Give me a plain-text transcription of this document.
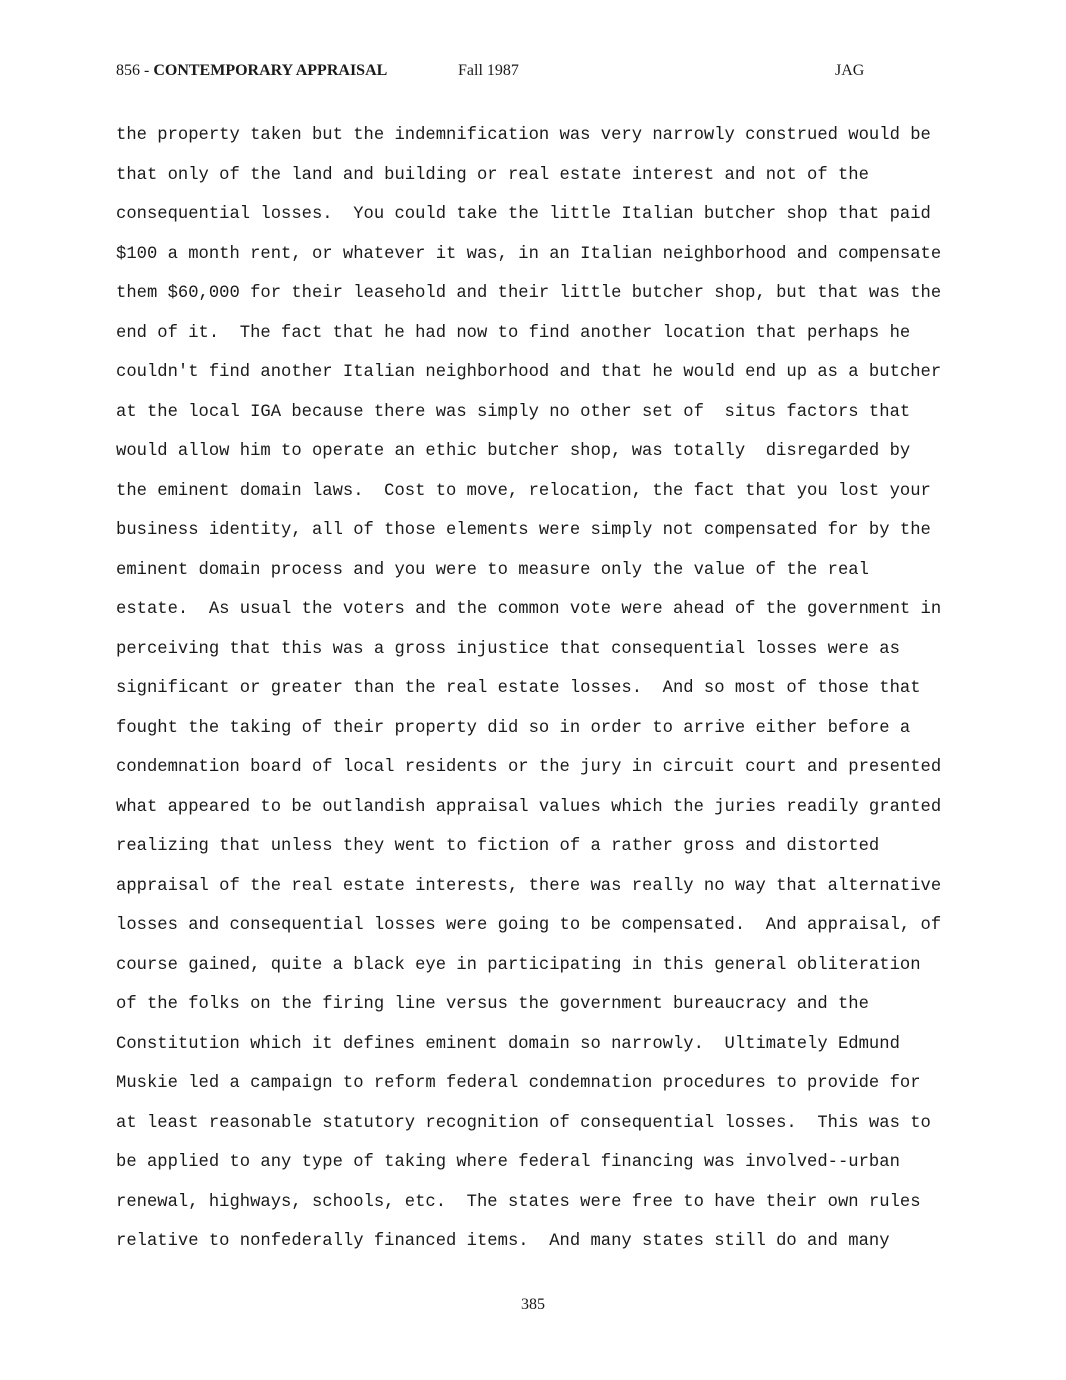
856 - CONTEMPORARY APPRAISAL	Fall 1987	JAG
the property taken but the indemnification was very narrowly construed would be
that only of the land and building or real estate interest and not of the
consequential losses.  You could take the little Italian butcher shop that paid
$100 a month rent, or whatever it was, in an Italian neighborhood and compensate
them $60,000 for their leasehold and their little butcher shop, but that was the
end of it.  The fact that he had now to find another location that perhaps he
couldn't find another Italian neighborhood and that he would end up as a butcher
at the local IGA because there was simply no other set of  situs factors that
would allow him to operate an ethic butcher shop, was totally  disregarded by
the eminent domain laws.  Cost to move, relocation, the fact that you lost your
business identity, all of those elements were simply not compensated for by the
eminent domain process and you were to measure only the value of the real
estate.  As usual the voters and the common vote were ahead of the government in
perceiving that this was a gross injustice that consequential losses were as
significant or greater than the real estate losses.  And so most of those that
fought the taking of their property did so in order to arrive either before a
condemnation board of local residents or the jury in circuit court and presented
what appeared to be outlandish appraisal values which the juries readily granted
realizing that unless they went to fiction of a rather gross and distorted
appraisal of the real estate interests, there was really no way that alternative
losses and consequential losses were going to be compensated.  And appraisal, of
course gained, quite a black eye in participating in this general obliteration
of the folks on the firing line versus the government bureaucracy and the
Constitution which it defines eminent domain so narrowly.  Ultimately Edmund
Muskie led a campaign to reform federal condemnation procedures to provide for
at least reasonable statutory recognition of consequential losses.  This was to
be applied to any type of taking where federal financing was involved--urban
renewal, highways, schools, etc.  The states were free to have their own rules
relative to nonfederally financed items.  And many states still do and many
385
